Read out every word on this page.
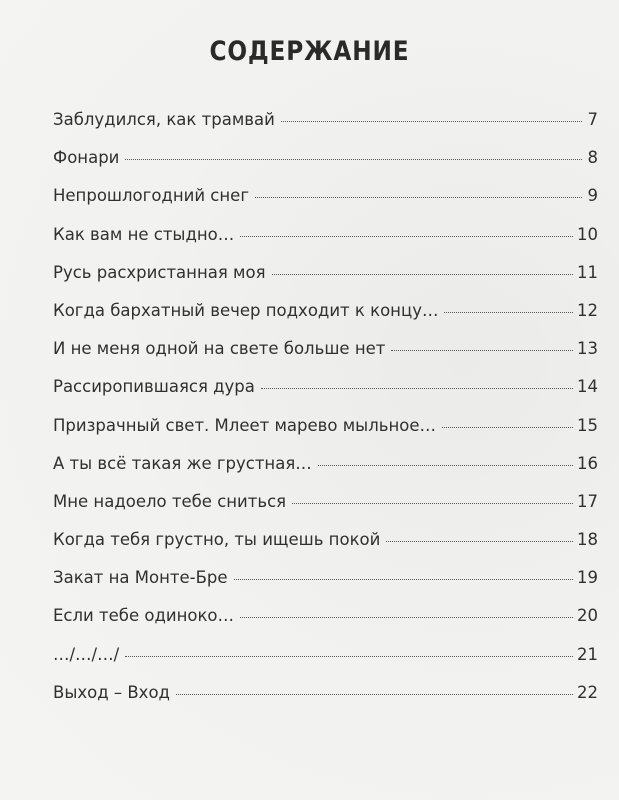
СОДЕРЖАНИЕ
Заблудился, как трамвай	7
Фонари	8
Непрошлогодний снег	9
Как вам не стыдно…	10
Русь расхристанная моя	11
Когда бархатный вечер подходит к концу…	12
И не меня одной на свете больше нет	13
Рассиропившаяся дура	14
Призрачный свет. Млеет марево мыльное…	15
А ты всё такая же грустная…	16
Мне надоело тебе сниться	17
Когда тебя грустно, ты ищешь покой	18
Закат на Монте-Бре	19
Если тебе одиноко…	20
…/…/…/	21
Выход – Вход	22
